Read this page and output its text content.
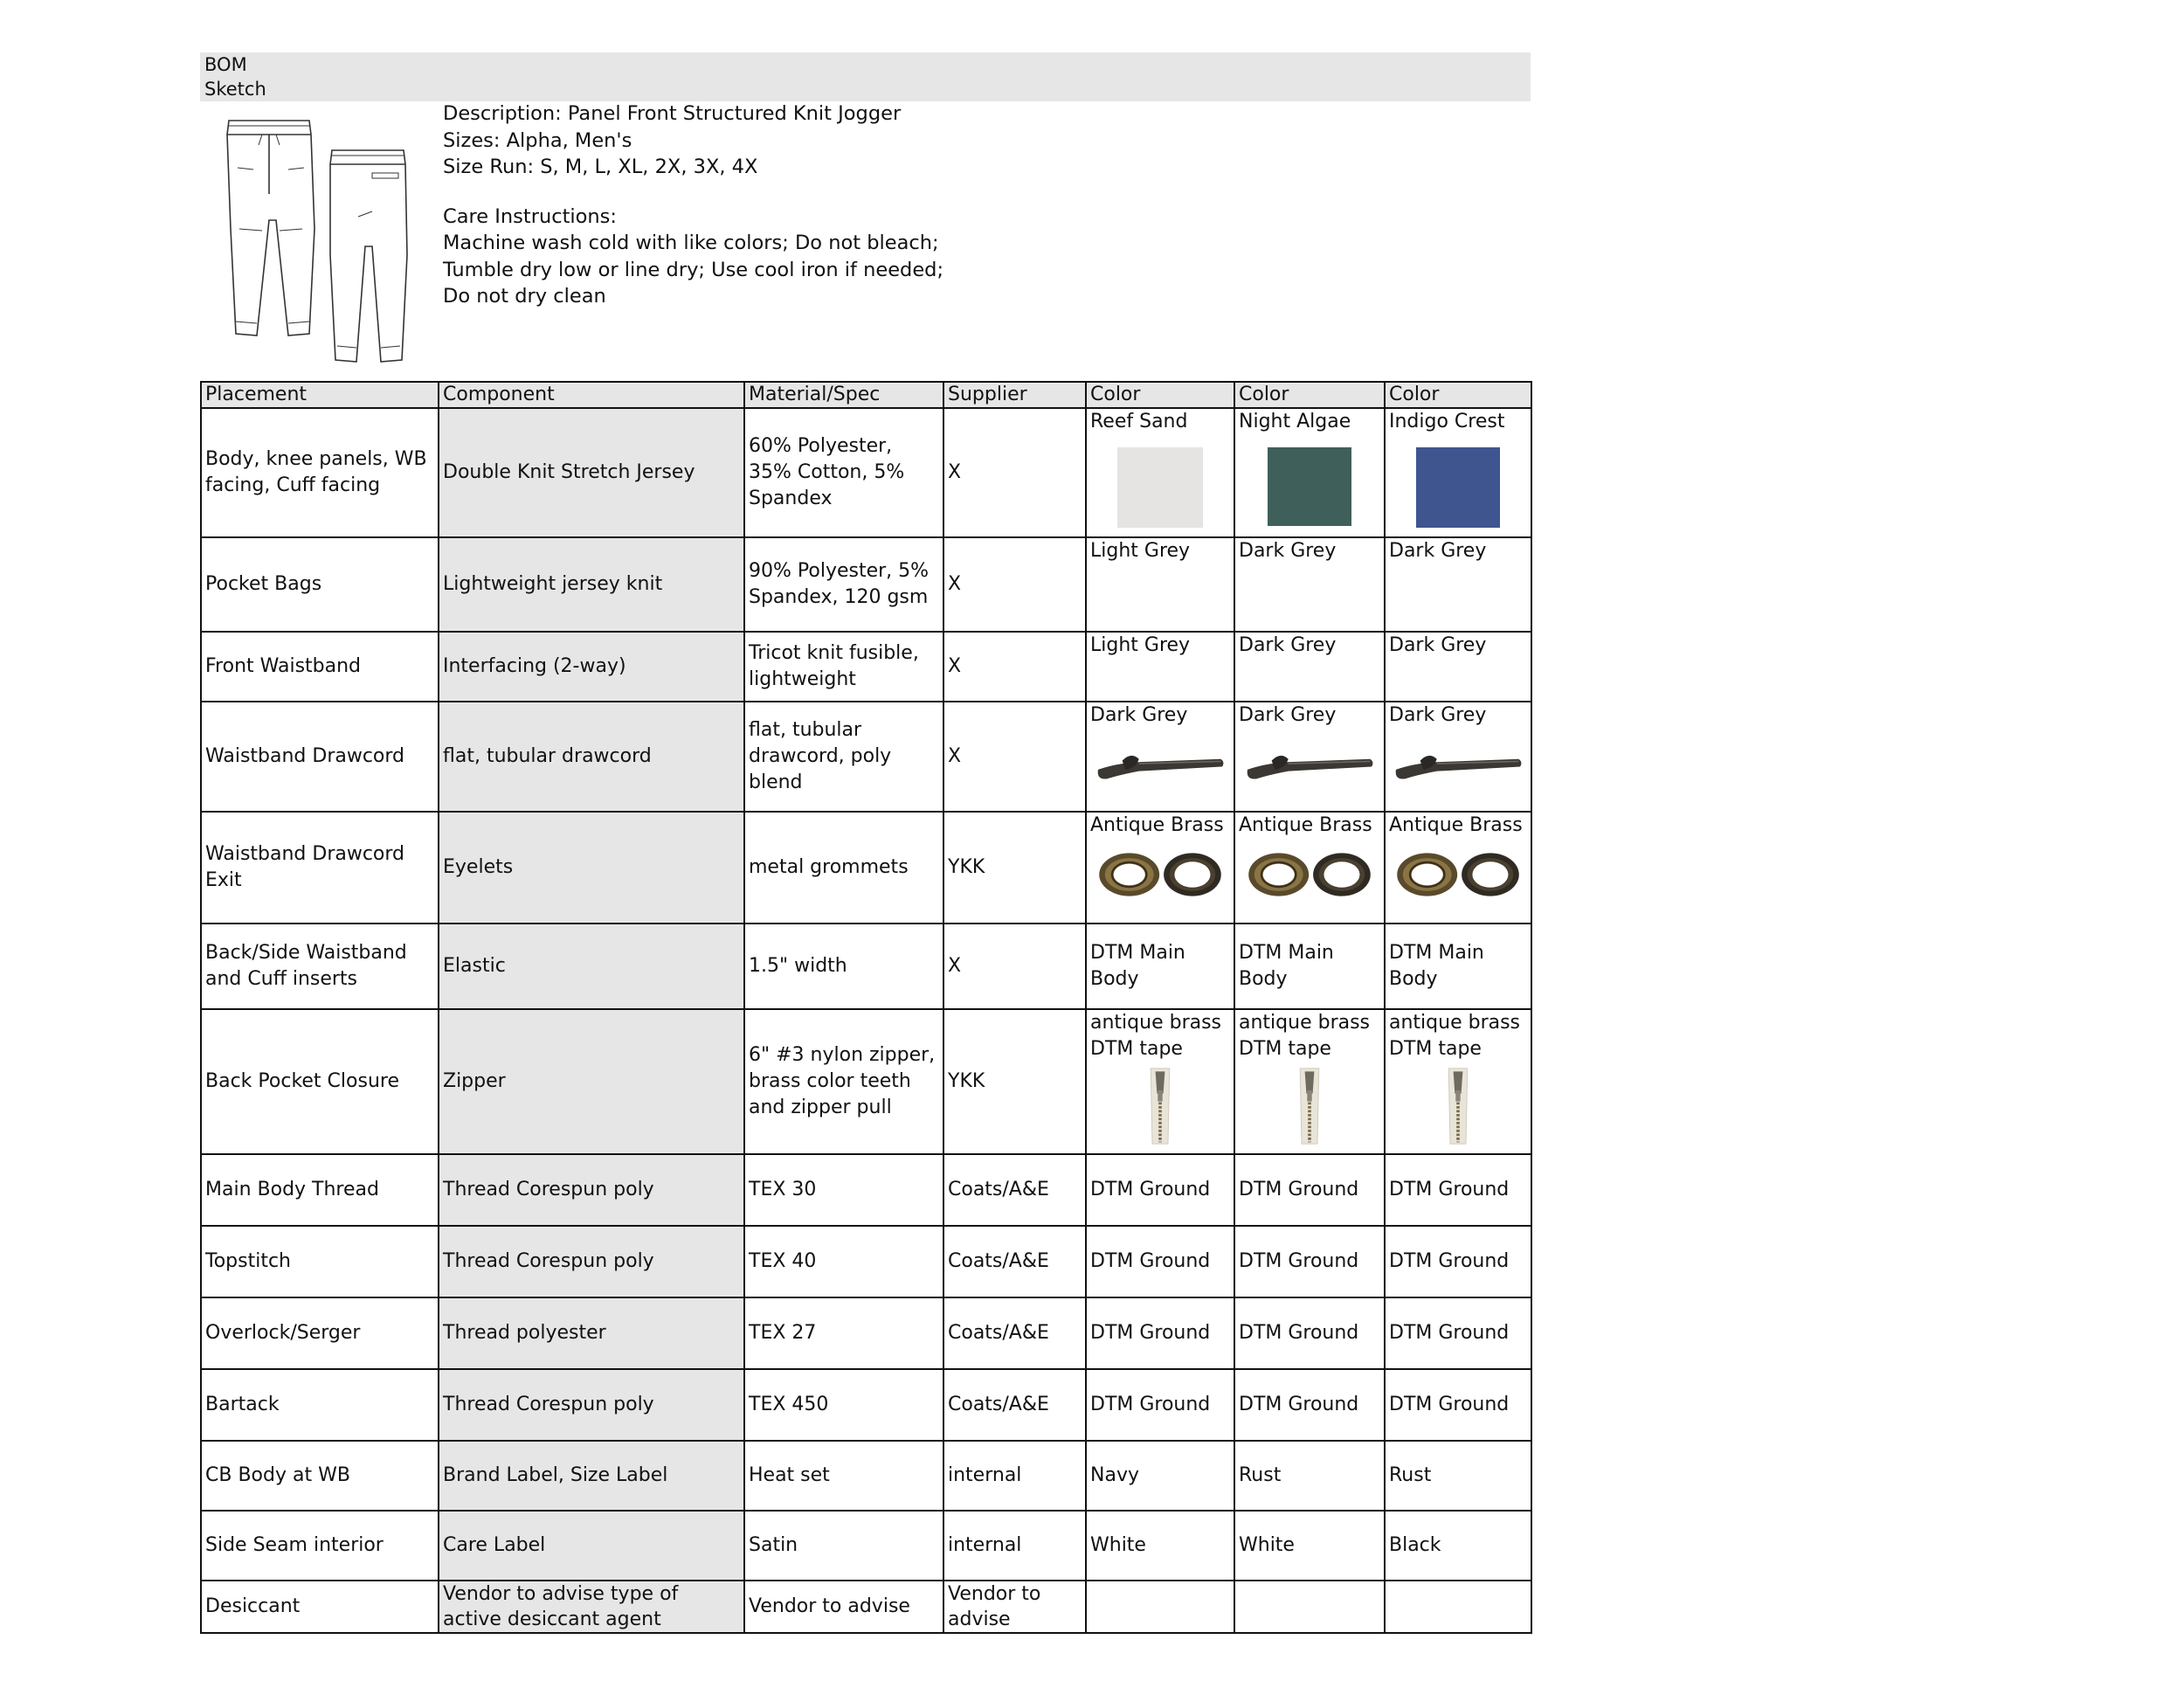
BOM
Sketch
Description: Panel Front Structured Knit Jogger
Sizes: Alpha, Men's
Size Run: S, M, L, XL, 2X, 3X, 4X
Care Instructions:
Machine wash cold with like colors; Do not bleach;
Tumble dry low or line dry; Use cool iron if needed;
Do not dry clean
Placement	Component	Material/Spec	Supplier	Color	Color	Color
Body, knee panels, WB facing, Cuff facing	Double Knit Stretch Jersey	60% Polyester, 35% Cotton, 5% Spandex	X	Reef Sand	Night Algae	Indigo Crest

Pocket Bags	Lightweight jersey knit	90% Polyester, 5% Spandex, 120 gsm	X	Light Grey	Dark Grey	Dark Grey

Front Waistband	Interfacing (2-way)	Tricot knit fusible, lightweight	X	Light Grey	Dark Grey	Dark Grey

Waistband Drawcord	flat, tubular drawcord	flat, tubular drawcord, poly blend	X	Dark Grey	Dark Grey	Dark Grey

Waistband Drawcord Exit	Eyelets	metal grommets	YKK	Antique Brass	Antique Brass	Antique Brass

Back/Side Waistband and Cuff inserts	Elastic	1.5" width	X	DTM Main Body	DTM Main Body	DTM Main Body
Back Pocket Closure	Zipper	6" #3 nylon zipper, brass color teeth and zipper pull	YKK	antique brass DTM tape	antique brass DTM tape	antique brass DTM tape

Main Body Thread	Thread Corespun poly	TEX 30	Coats/A&E	DTM Ground	DTM Ground	DTM Ground
Topstitch	Thread Corespun poly	TEX 40	Coats/A&E	DTM Ground	DTM Ground	DTM Ground
Overlock/Serger	Thread polyester	TEX 27	Coats/A&E	DTM Ground	DTM Ground	DTM Ground
Bartack	Thread Corespun poly	TEX 450	Coats/A&E	DTM Ground	DTM Ground	DTM Ground
CB Body at WB	Brand Label, Size Label	Heat set	internal	Navy	Rust	Rust
Side Seam interior	Care Label	Satin	internal	White	White	Black
Desiccant	Vendor to advise type of active desiccant agent	Vendor to advise	Vendor to advise			
